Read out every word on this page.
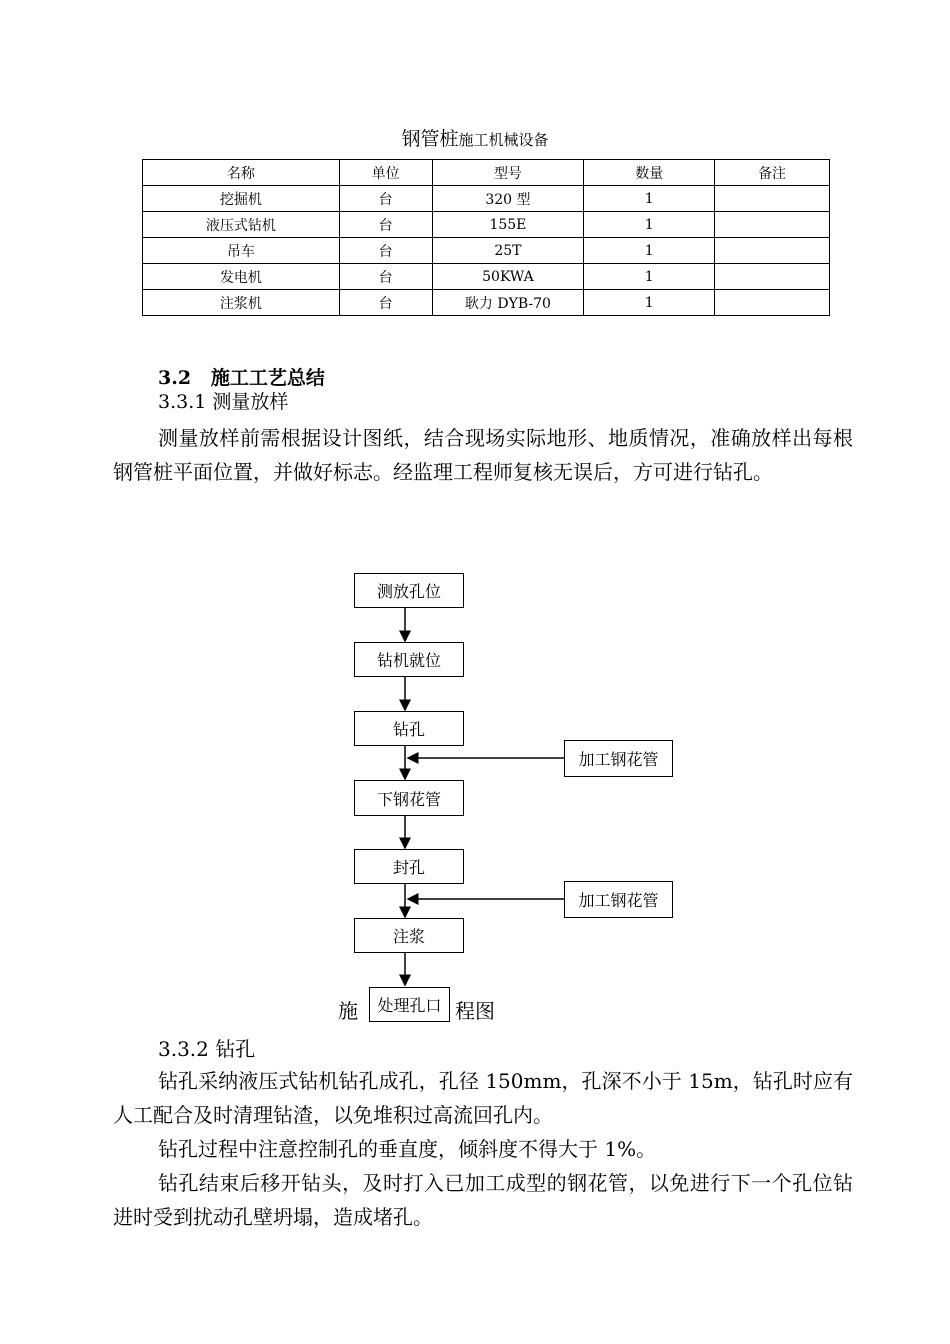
钢管桩施工机械设备
名称	单位	型号	数量	备注
挖掘机	台	320 型	1	
液压式钻机	台	155E	1	
吊车	台	25T	1	
发电机	台	50KWA	1	
注浆机	台	耿力 DYB-70	1	
3.2   施工工艺总结
3.3.1 测量放样

测量放样前需根据设计图纸，结合现场实际地形、地质情况，准确放样出每根钢管桩平面位置，并做好标志。经监理工程师复核无误后，方可进行钻孔。

测放孔位
钻机就位
钻孔
下钢花管
封孔
注浆
加工钢花管
加工钢花管
施	程图
处理孔口
3.3.2 钻孔

钻孔采纳液压式钻机钻孔成孔，孔径 150mm，孔深不小于 15m，钻孔时应有人工配合及时清理钻渣，以免堆积过高流回孔内。

钻孔过程中注意控制孔的垂直度，倾斜度不得大于 1%。

钻孔结束后移开钻头，及时打入已加工成型的钢花管，以免进行下一个孔位钻进时受到扰动孔壁坍塌，造成堵孔。
